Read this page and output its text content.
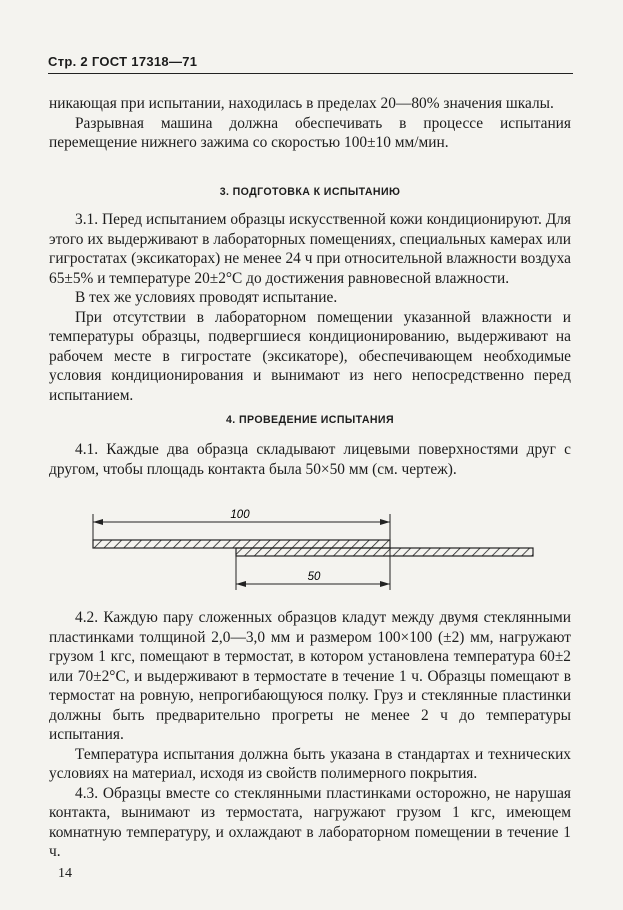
Стр. 2 ГОСТ 17318—71

никающая при испытании, находилась в пределах 20—80% значения шкалы.

Разрывная машина должна обеспечивать в процессе испытания перемещение нижнего зажима со скоростью 100±10 мм/мин.

3. ПОДГОТОВКА К ИСПЫТАНИЮ

3.1. Перед испытанием образцы искусственной кожи кондиционируют. Для этого их выдерживают в лабораторных помещениях, специальных камерах или гигростатах (эксикаторах) не менее 24 ч при относительной влажности воздуха 65±5% и температуре 20±2°C до достижения равновесной влажности.

В тех же условиях проводят испытание.

При отсутствии в лабораторном помещении указанной влажности и температуры образцы, подвергшиеся кондиционированию, выдерживают на рабочем месте в гигростате (эксикаторе), обеспечивающем необходимые условия кондиционирования и вынимают из него непосредственно перед испытанием.

4. ПРОВЕДЕНИЕ ИСПЫТАНИЯ

4.1. Каждые два образца складывают лицевыми поверхностями друг с другом, чтобы площадь контакта была 50×50 мм (см. чертеж).

100
50

4.2. Каждую пару сложенных образцов кладут между двумя стеклянными пластинками толщиной 2,0—3,0 мм и размером 100×100 (±2) мм, нагружают грузом 1 кгс, помещают в термостат, в котором установлена температура 60±2 или 70±2°C, и выдерживают в термостате в течение 1 ч. Образцы помещают в термостат на ровную, непрогибающуюся полку. Груз и стеклянные пластинки должны быть предварительно прогреты не менее 2 ч до температуры испытания.

Температура испытания должна быть указана в стандартах и технических условиях на материал, исходя из свойств полимерного покрытия.

4.3. Образцы вместе со стеклянными пластинками осторожно, не нарушая контакта, вынимают из термостата, нагружают грузом 1 кгс, имеющем комнатную температуру, и охлаждают в лабораторном помещении в течение 1 ч.

14
